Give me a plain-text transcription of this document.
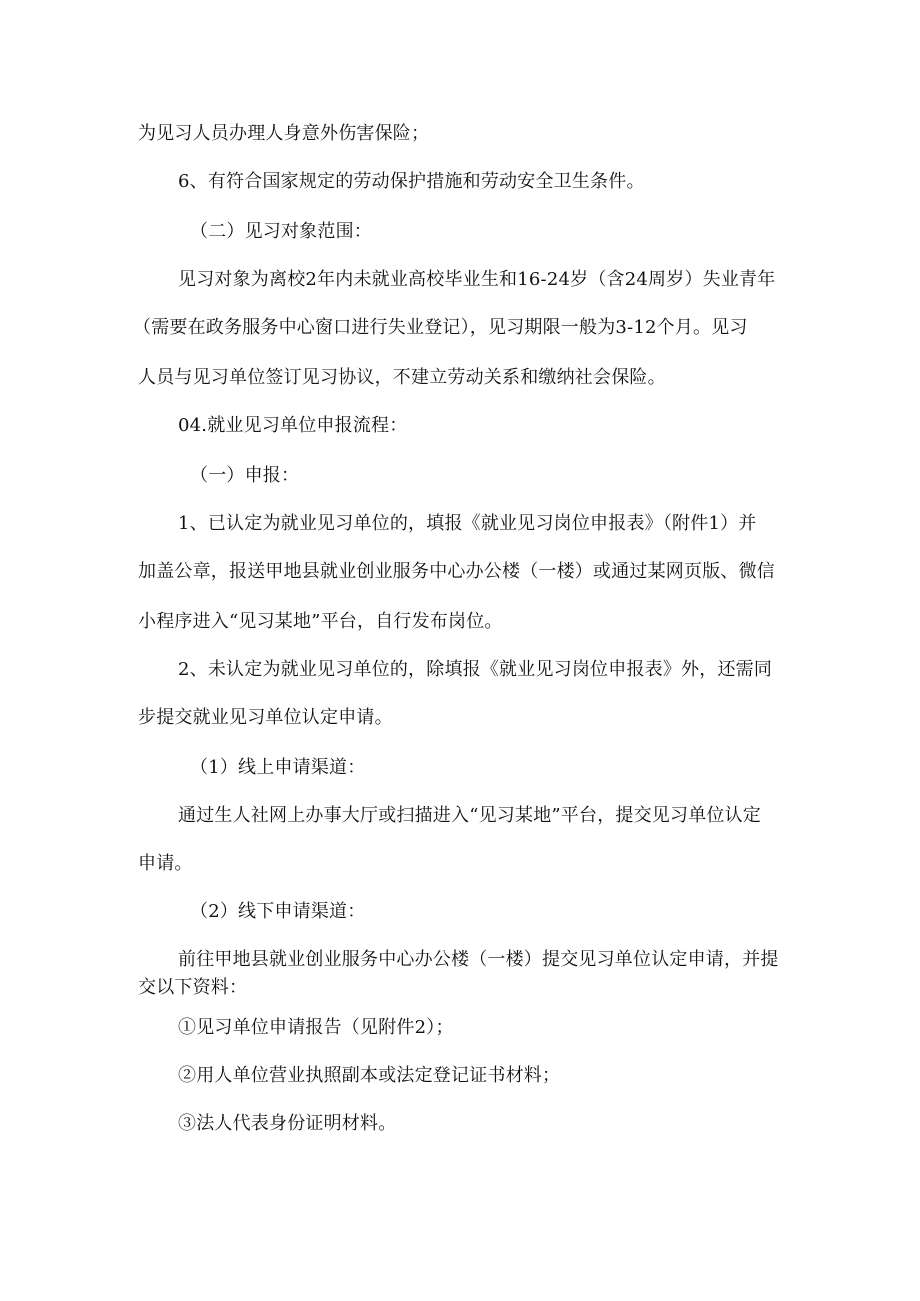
为见习人员办理人身意外伤害保险；
6、有符合国家规定的劳动保护措施和劳动安全卫生条件。
（二）见习对象范围：
见习对象为离校2年内未就业高校毕业生和16-24岁（含24周岁）失业青年
（需要在政务服务中心窗口进行失业登记），见习期限一般为3-12个月。见习
人员与见习单位签订见习协议，不建立劳动关系和缴纳社会保险。
04.就业见习单位申报流程：
（一）申报：
1、已认定为就业见习单位的，填报《就业见习岗位申报表》（附件1）并
加盖公章，报送甲地县就业创业服务中心办公楼（一楼）或通过某网页版、微信
小程序进入“见习某地”平台，自行发布岗位。
2、未认定为就业见习单位的，除填报《就业见习岗位申报表》外，还需同
步提交就业见习单位认定申请。
（1）线上申请渠道：
通过生人社网上办事大厅或扫描进入“见习某地”平台，提交见习单位认定
申请。
（2）线下申请渠道：
前往甲地县就业创业服务中心办公楼（一楼）提交见习单位认定申请，并提
交以下资料：
①见习单位申请报告（见附件2）；
②用人单位营业执照副本或法定登记证书材料；
③法人代表身份证明材料。
